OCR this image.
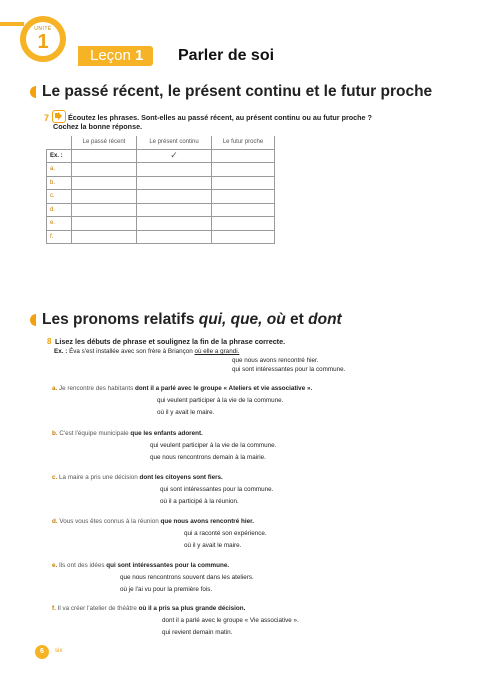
UNITÉ
1
Leçon 1	Parler de soi
Le passé récent, le présent continu et le futur proche
7	Écoutez les phrases. Sont-elles au passé récent, au présent continu ou au futur proche ?
Cochez la bonne réponse.
	Le passé récent	Le présent continu	Le futur proche
Ex. :		✓	
a.			
b.			
c.			
d.			
e.			
f.			
Les pronoms relatifs qui, que, où et dont
8 Lisez les débuts de phrase et soulignez la fin de la phrase correcte.
Ex. : Éva s'est installée avec son frère à Briançon où elle a grandi.
que nous avons rencontré hier.
qui sont intéressantes pour la commune.
a. Je rencontre des habitants dont il a parlé avec le groupe « Ateliers et vie associative ».
qui veulent participer à la vie de la commune.
où il y avait le maire.
b. C'est l'équipe municipale que les enfants adorent.
qui veulent participer à la vie de la commune.
que nous rencontrons demain à la mairie.
c. La maire a pris une décision dont les citoyens sont fiers.
qui sont intéressantes pour la commune.
où il a participé à la réunion.
d. Vous vous êtes connus à la réunion que nous avons rencontré hier.
qui a raconté son expérience.
où il y avait le maire.
e. Ils ont des idées qui sont intéressantes pour la commune.
que nous rencontrons souvent dans les ateliers.
où je l'ai vu pour la première fois.
f. Il va créer l'atelier de théâtre où il a pris sa plus grande décision.
dont il a parlé avec le groupe « Vie associative ».
qui revient demain matin.
6	six
